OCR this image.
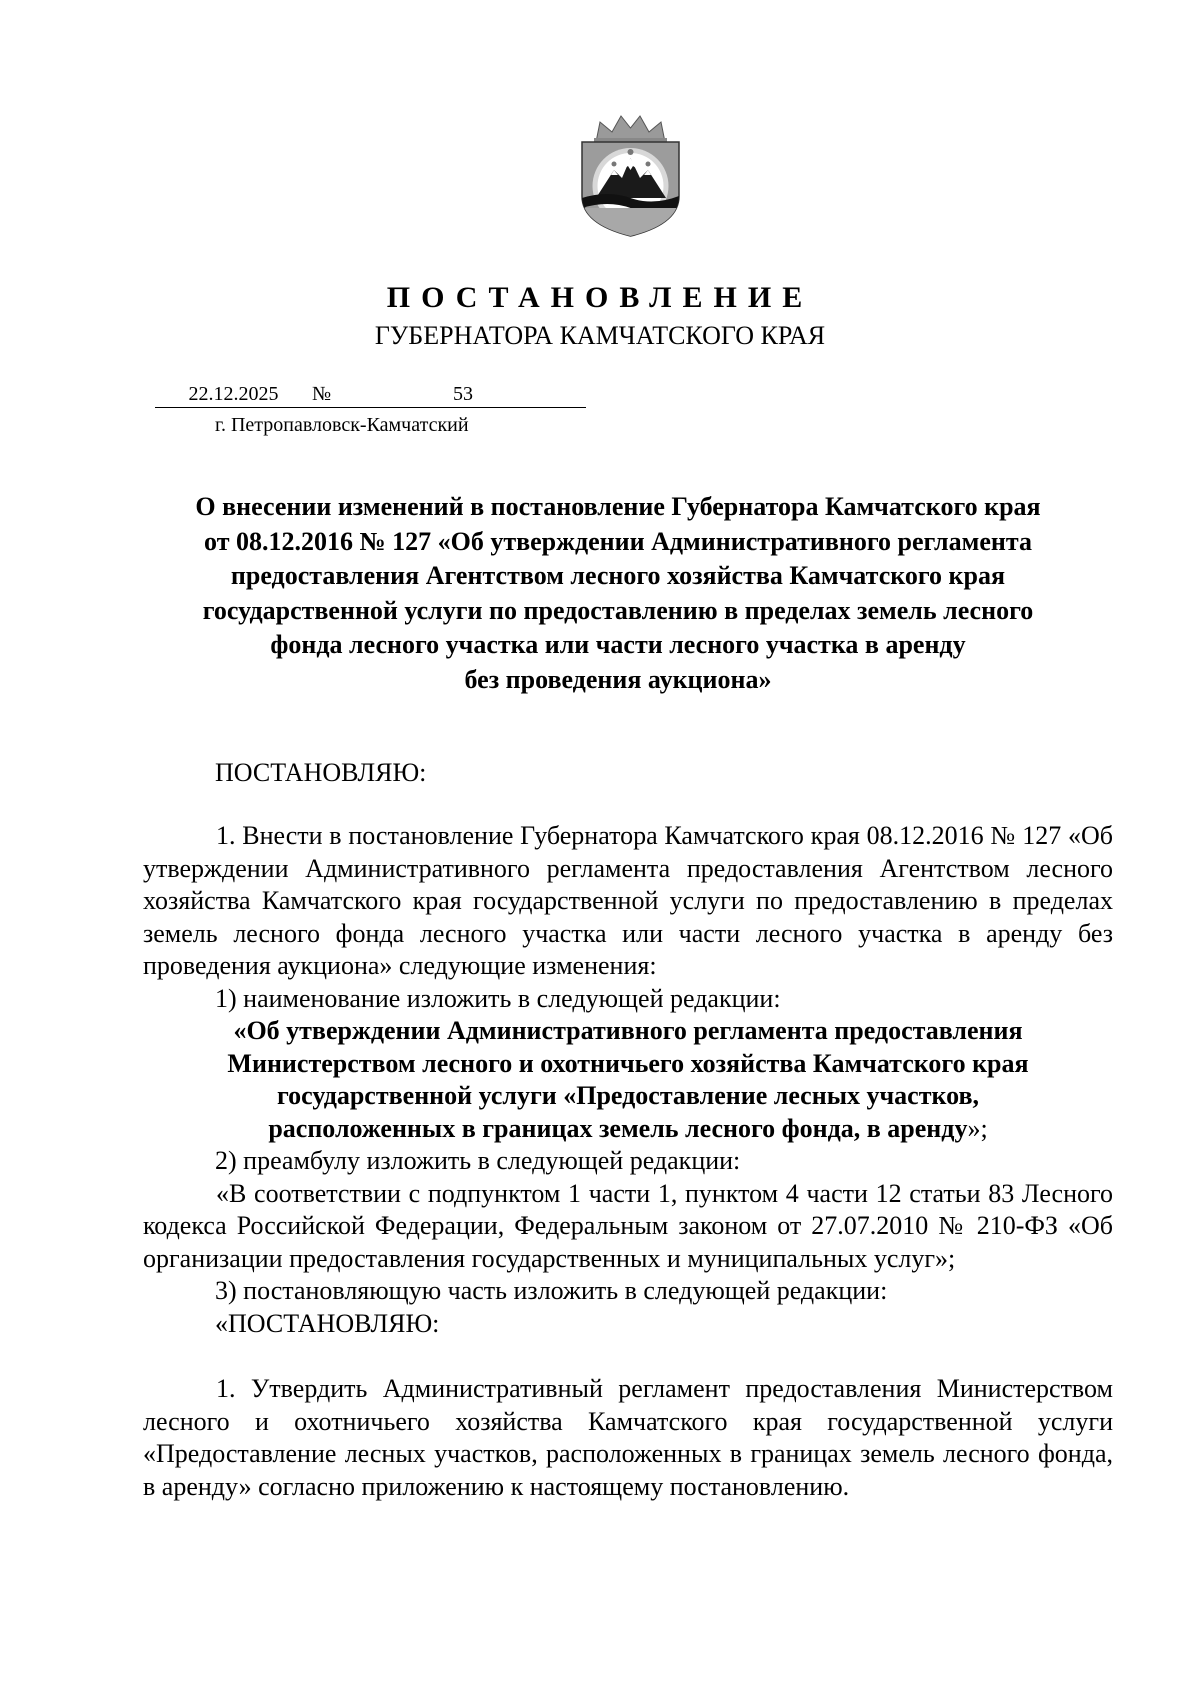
ПОСТАНОВЛЕНИЕ
ГУБЕРНАТОРА КАМЧАТСКОГО КРАЯ
22.12.2025 №	53
г. Петропавловск-Камчатский
О внесении изменений в постановление Губернатора Камчатского края
от 08.12.2016 № 127 «Об утверждении Административного регламента
предоставления Агентством лесного хозяйства Камчатского края
государственной услуги по предоставлению в пределах земель лесного
фонда лесного участка или части лесного участка в аренду
без проведения аукциона»
ПОСТАНОВЛЯЮ:

1. Внести в постановление Губернатора Камчатского края 08.12.2016 № 127 «Об утверждении Административного регламента предоставления Агентством лесного хозяйства Камчатского края государственной услуги по предоставлению в пределах земель лесного фонда лесного участка или части лесного участка в аренду без проведения аукциона» следующие изменения:

1) наименование изложить в следующей редакции:

«Об утверждении Административного регламента предоставления
Министерством лесного и охотничьего хозяйства Камчатского края
государственной услуги «Предоставление лесных участков,
расположенных в границах земель лесного фонда, в аренду»;

2) преамбулу изложить в следующей редакции:

«В соответствии с подпунктом 1 части 1, пунктом 4 части 12 статьи 83 Лесного кодекса Российской Федерации, Федеральным законом от 27.07.2010 № 210-ФЗ «Об организации предоставления государственных и муниципальных услуг»;

3) постановляющую часть изложить в следующей редакции:

«ПОСТАНОВЛЯЮ:

1. Утвердить Административный регламент предоставления Министерством лесного и охотничьего хозяйства Камчатского края государственной услуги «Предоставление лесных участков, расположенных в границах земель лесного фонда, в аренду» согласно приложению к настоящему постановлению.
